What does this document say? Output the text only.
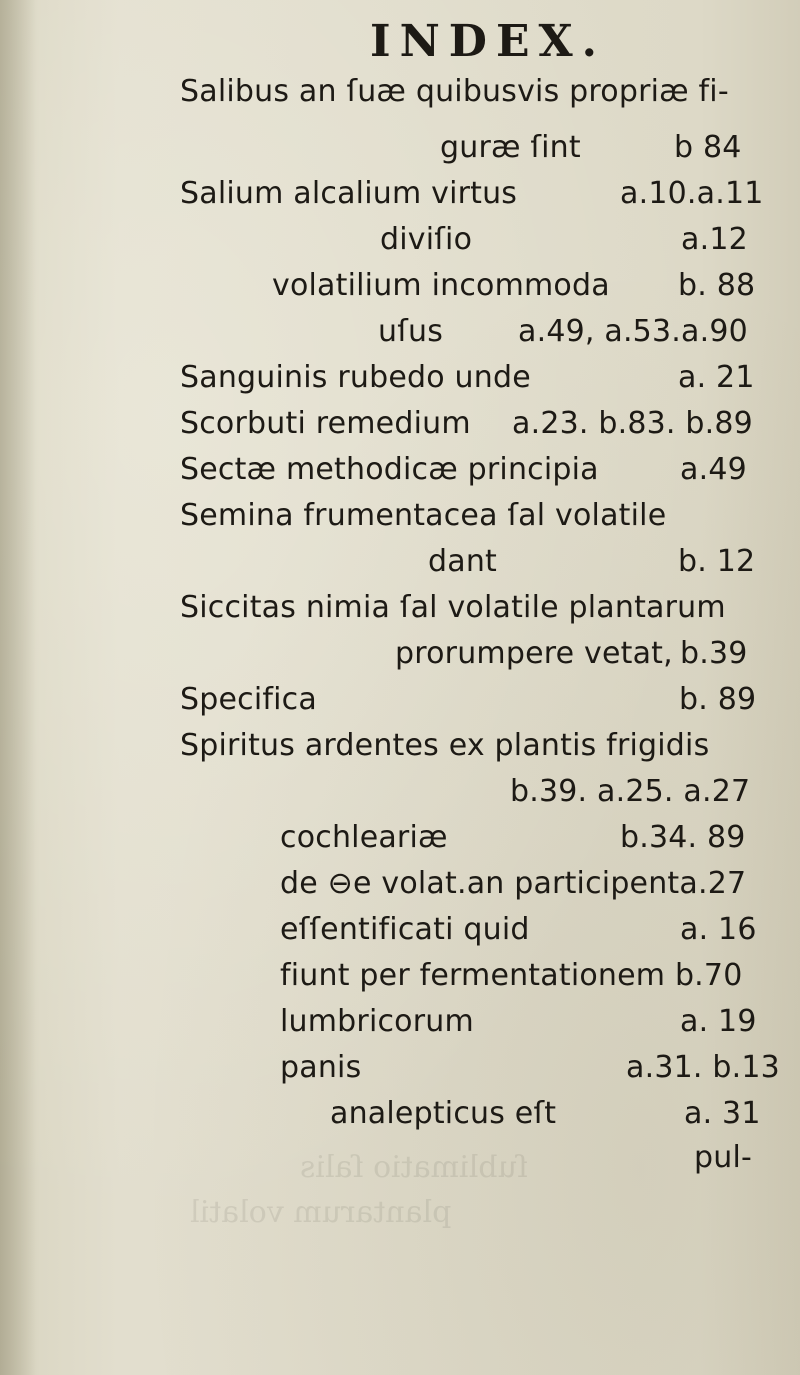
ſublimatio ſalis
plantarum volatil
INDEX.
Salibus an ſuæ quibusvis propriæ fi-
guræ ſint	b 84
Salium alcalium virtus	a.10.a.11
diviſio	a.12
volatilium incommoda b. 88
uſus a.49, a.53.a.90
Sanguinis rubedo unde	a. 21
Scorbuti remedium a.23. b.83. b.89
Sectæ methodicæ principia	a.49
Semina frumentacea ſal volatile
dant	b. 12
Siccitas nimia ſal volatile plantarum
prorumpere vetat, b.39
Specifica	b. 89
Spiritus ardentes ex plantis frigidis
b.39. a.25. a.27
cochleariæ	b.34. 89
de ⊖e volat.an participenta.27
eſſentificati quid	a. 16
fiunt per fermentationem b.70
lumbricorum	a. 19
panis	a.31. b.13
analepticus eſt	a. 31
pul-
